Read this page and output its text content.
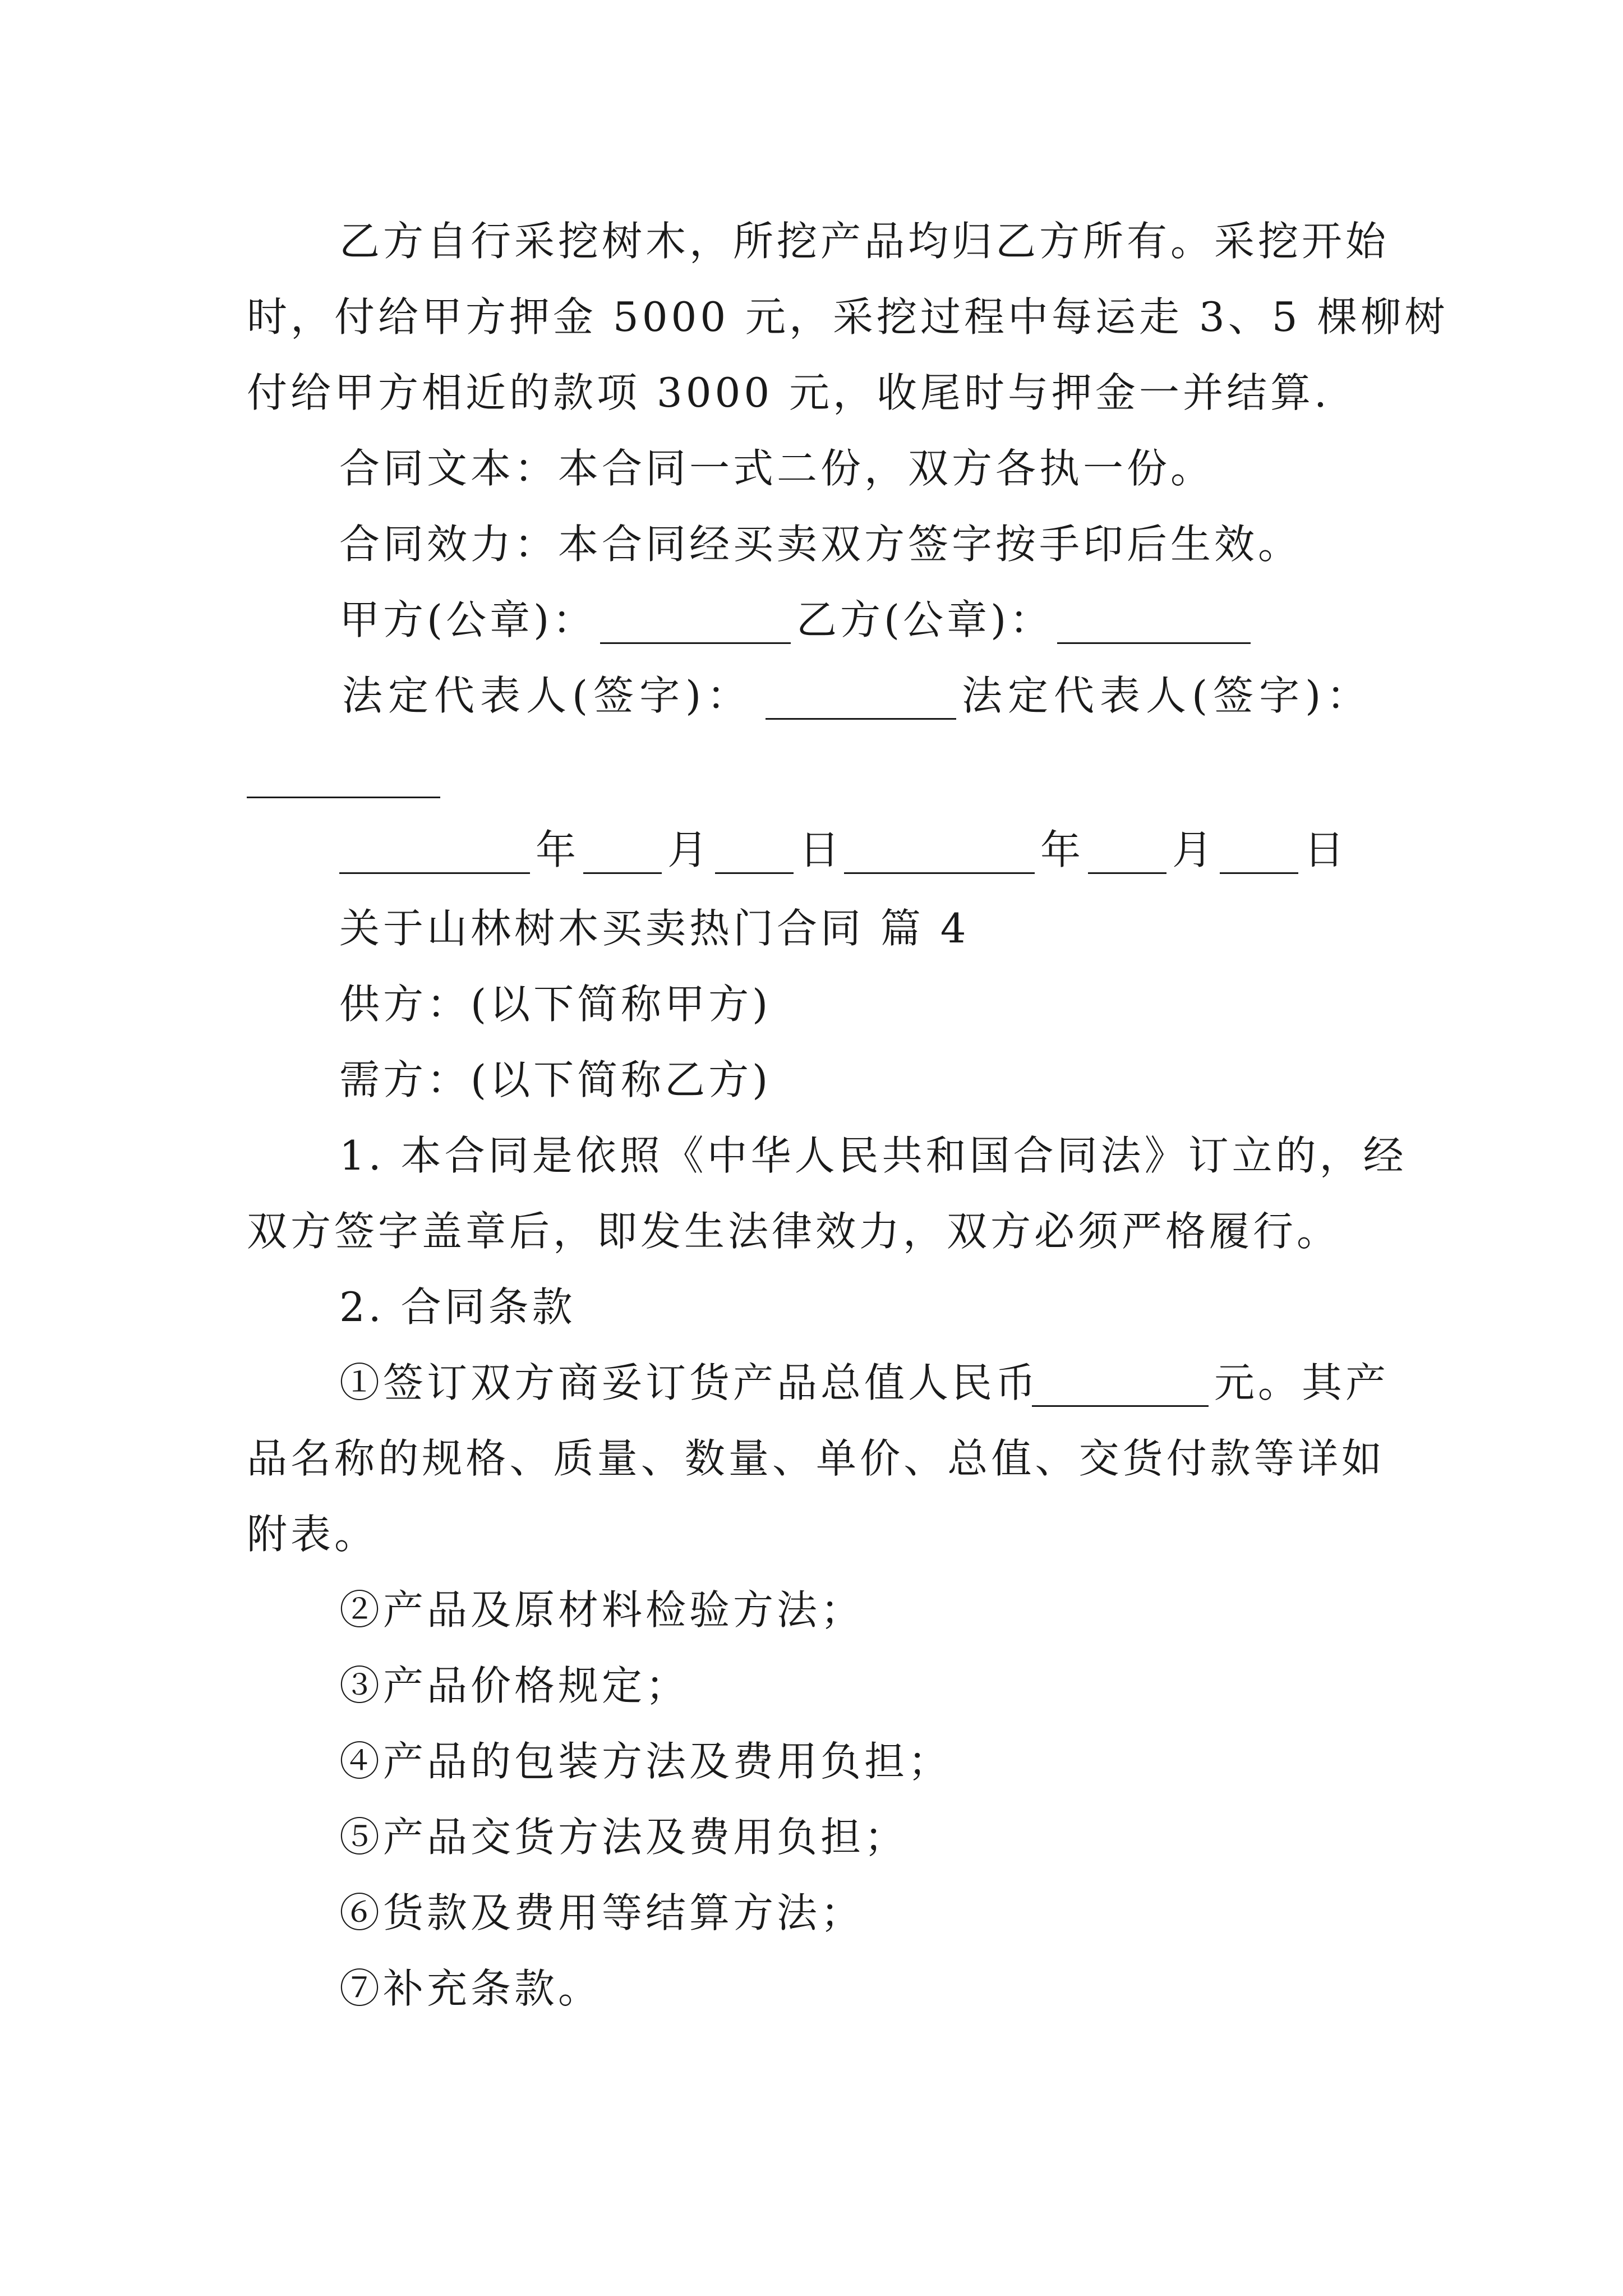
乙方自行采挖树木，所挖产品均归乙方所有。采挖开始
时，付给甲方押金 5000 元，采挖过程中每运走 3、5 棵柳树
付给甲方相近的款项 3000 元，收尾时与押金一并结算.
合同文本：本合同一式二份，双方各执一份。
合同效力：本合同经买卖双方签字按手印后生效。
甲方(公章)：	乙方(公章)：
法定代表人(签字)：	法定代表人(签字)：
年 月 日	年 月 日
关于山林树木买卖热门合同 篇 4
供方：(以下简称甲方)
需方：(以下简称乙方)
1. 本合同是依照《中华人民共和国合同法》订立的，经
双方签字盖章后，即发生法律效力，双方必须严格履行。
2. 合同条款
①签订双方商妥订货产品总值人民币	元。其产
品名称的规格、质量、数量、单价、总值、交货付款等详如
附表。
②产品及原材料检验方法；
③产品价格规定；
④产品的包装方法及费用负担；
⑤产品交货方法及费用负担；
⑥货款及费用等结算方法；
⑦补充条款。
